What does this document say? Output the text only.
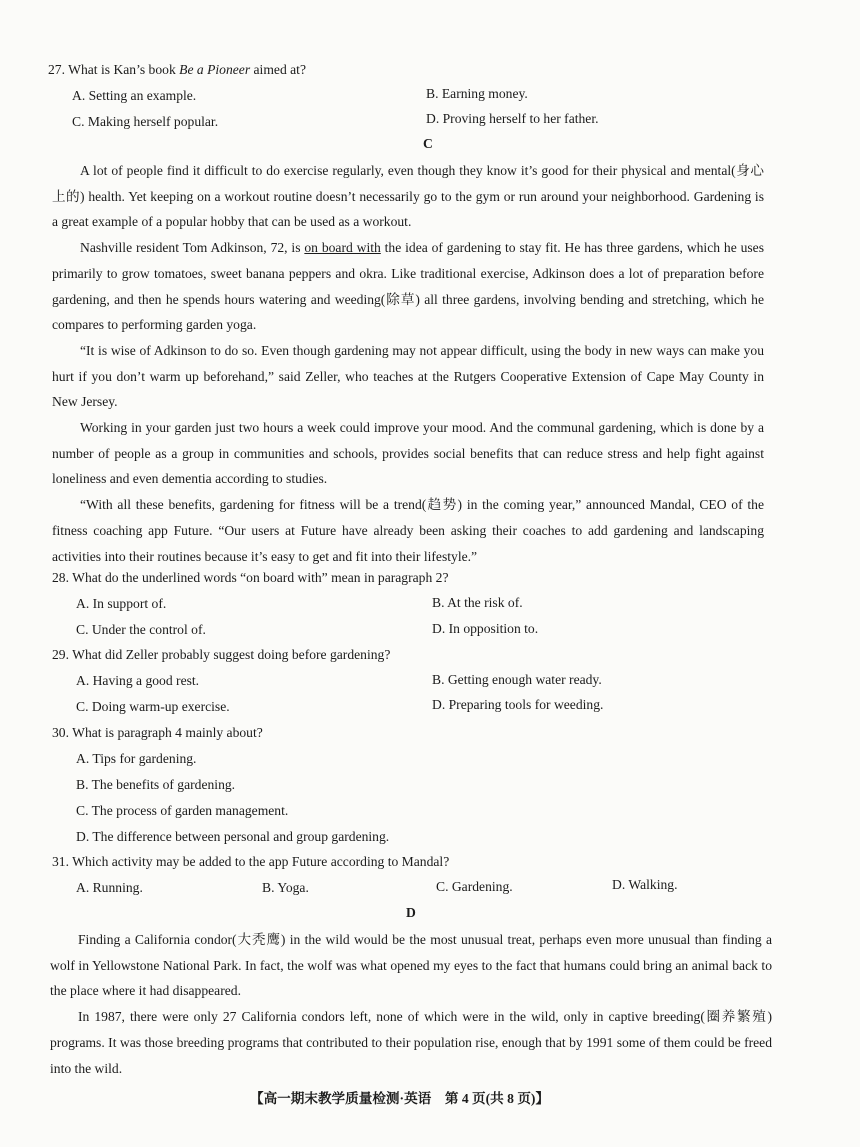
27. What is Kan’s book Be a Pioneer aimed at?
A. Setting an example.	B. Earning money.
C. Making herself popular.	D. Proving herself to her father.
C

A lot of people find it difficult to do exercise regularly, even though they know it’s good for their physical and mental(身心上的) health. Yet keeping on a workout routine doesn’t necessarily go to the gym or run around your neighborhood. Gardening is a great example of a popular hobby that can be used as a workout.

Nashville resident Tom Adkinson, 72, is on board with the idea of gardening to stay fit. He has three gardens, which he uses primarily to grow tomatoes, sweet banana peppers and okra. Like traditional exercise, Adkinson does a lot of preparation before gardening, and then he spends hours watering and weeding(除草) all three gardens, involving bending and stretching, which he compares to performing garden yoga.

“It is wise of Adkinson to do so. Even though gardening may not appear difficult, using the body in new ways can make you hurt if you don’t warm up beforehand,” said Zeller, who teaches at the Rutgers Cooperative Extension of Cape May County in New Jersey.

Working in your garden just two hours a week could improve your mood. And the communal gardening, which is done by a number of people as a group in communities and schools, provides social benefits that can reduce stress and help fight against loneliness and even dementia according to studies.

“With all these benefits, gardening for fitness will be a trend(趋势) in the coming year,” announced Mandal, CEO of the fitness coaching app Future. “Our users at Future have already been asking their coaches to add gardening and landscaping activities into their routines because it’s easy to get and fit into their lifestyle.”

28. What do the underlined words “on board with” mean in paragraph 2?
A. In support of.	B. At the risk of.
C. Under the control of.	D. In opposition to.
29. What did Zeller probably suggest doing before gardening?
A. Having a good rest.	B. Getting enough water ready.
C. Doing warm-up exercise.	D. Preparing tools for weeding.
30. What is paragraph 4 mainly about?
A. Tips for gardening.
B. The benefits of gardening.
C. The process of garden management.
D. The difference between personal and group gardening.
31. Which activity may be added to the app Future according to Mandal?
A. Running.	B. Yoga.	C. Gardening.	D. Walking.
D

Finding a California condor(大秃鹰) in the wild would be the most unusual treat, perhaps even more unusual than finding a wolf in Yellowstone National Park. In fact, the wolf was what opened my eyes to the fact that humans could bring an animal back to the place where it had disappeared.

In 1987, there were only 27 California condors left, none of which were in the wild, only in captive breeding(圈养繁殖) programs. It was those breeding programs that contributed to their population rise, enough that by 1991 some of them could be freed into the wild.

【高一期末教学质量检测·英语　第 4 页(共 8 页)】
